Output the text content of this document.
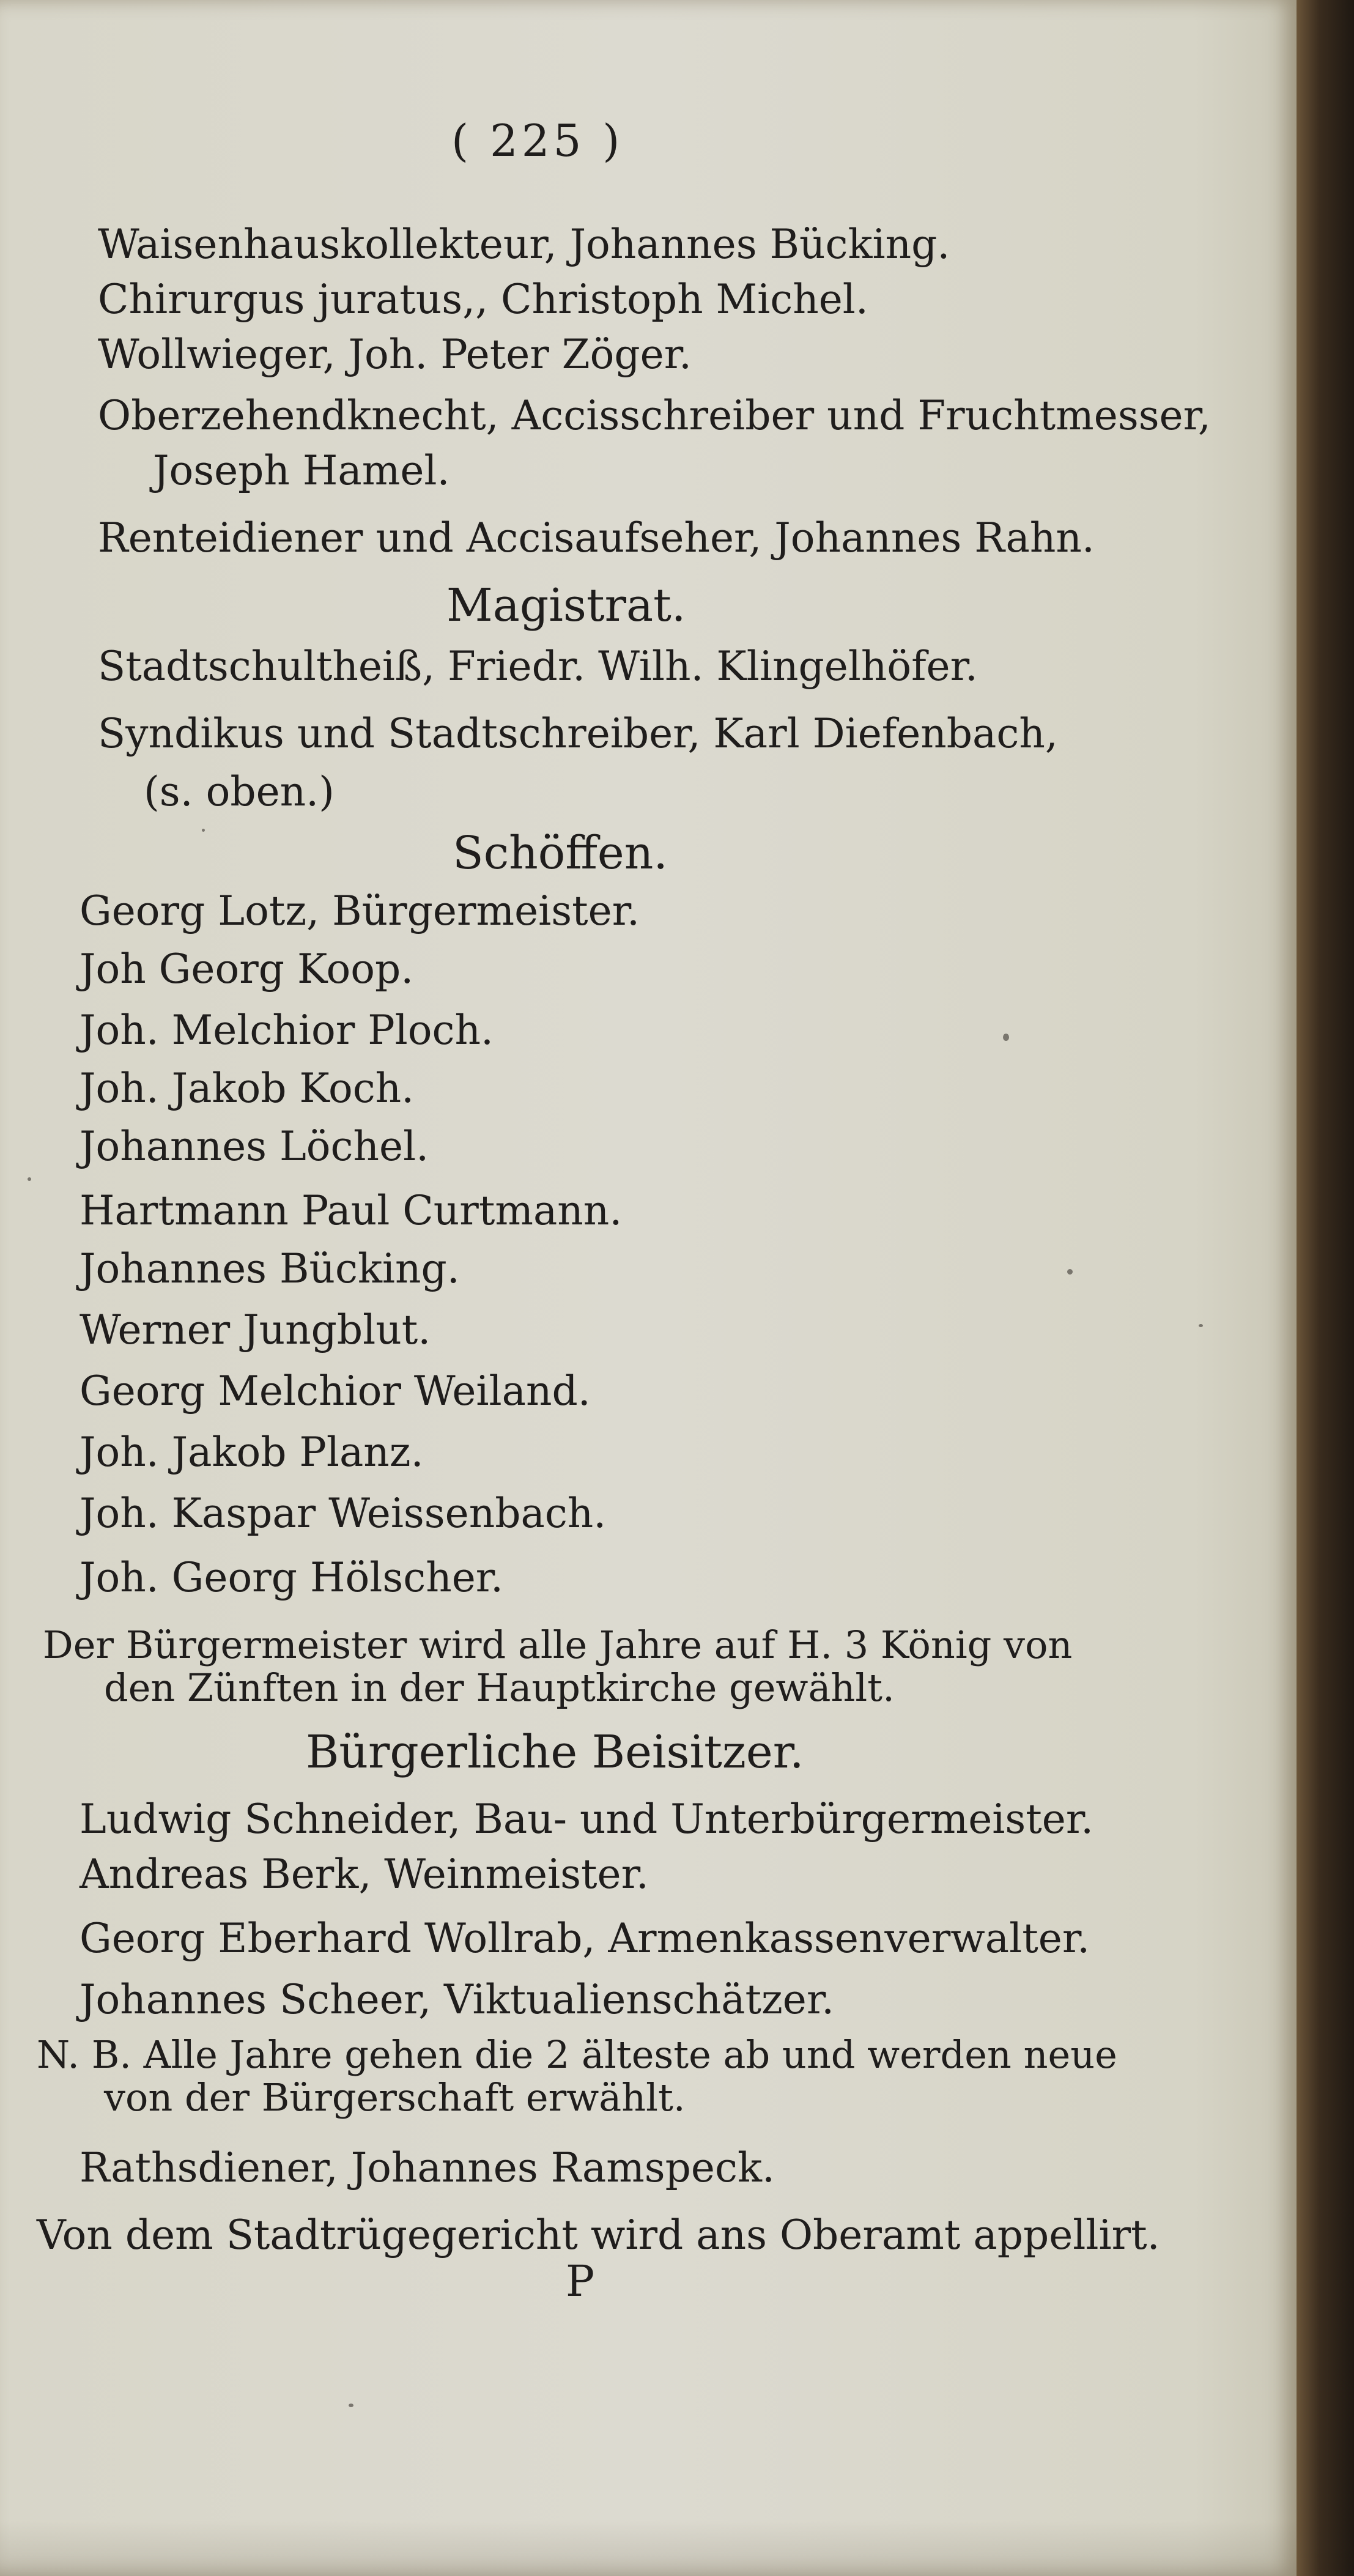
( 225 )
Waisenhauskollekteur, Johannes Bücking.
Chirurgus juratus,, Christoph Michel.
Wollwieger, Joh. Peter Zöger.
Oberzehendknecht, Accisschreiber und Fruchtmesser,
Joseph Hamel.
Renteidiener und Accisaufseher, Johannes Rahn.
Magistrat.
Stadtschultheiß, Friedr. Wilh. Klingelhöfer.
Syndikus und Stadtschreiber, Karl Diefenbach,
(s. oben.)
Schöffen.
Georg Lotz, Bürgermeister.
Joh Georg Koop.
Joh. Melchior Ploch.
Joh. Jakob Koch.
Johannes Löchel.
Hartmann Paul Curtmann.
Johannes Bücking.
Werner Jungblut.
Georg Melchior Weiland.
Joh. Jakob Planz.
Joh. Kaspar Weissenbach.
Joh. Georg Hölscher.
Der Bürgermeister wird alle Jahre auf H. 3 König von
den Zünften in der Hauptkirche gewählt.
Bürgerliche Beisitzer.
Ludwig Schneider, Bau- und Unterbürgermeister.
Andreas Berk, Weinmeister.
Georg Eberhard Wollrab, Armenkassenverwalter.
Johannes Scheer, Viktualienschätzer.
N. B. Alle Jahre gehen die 2 älteste ab und werden neue
von der Bürgerschaft erwählt.
Rathsdiener, Johannes Ramspeck.
Von dem Stadtrügegericht wird ans Oberamt appellirt.
P
